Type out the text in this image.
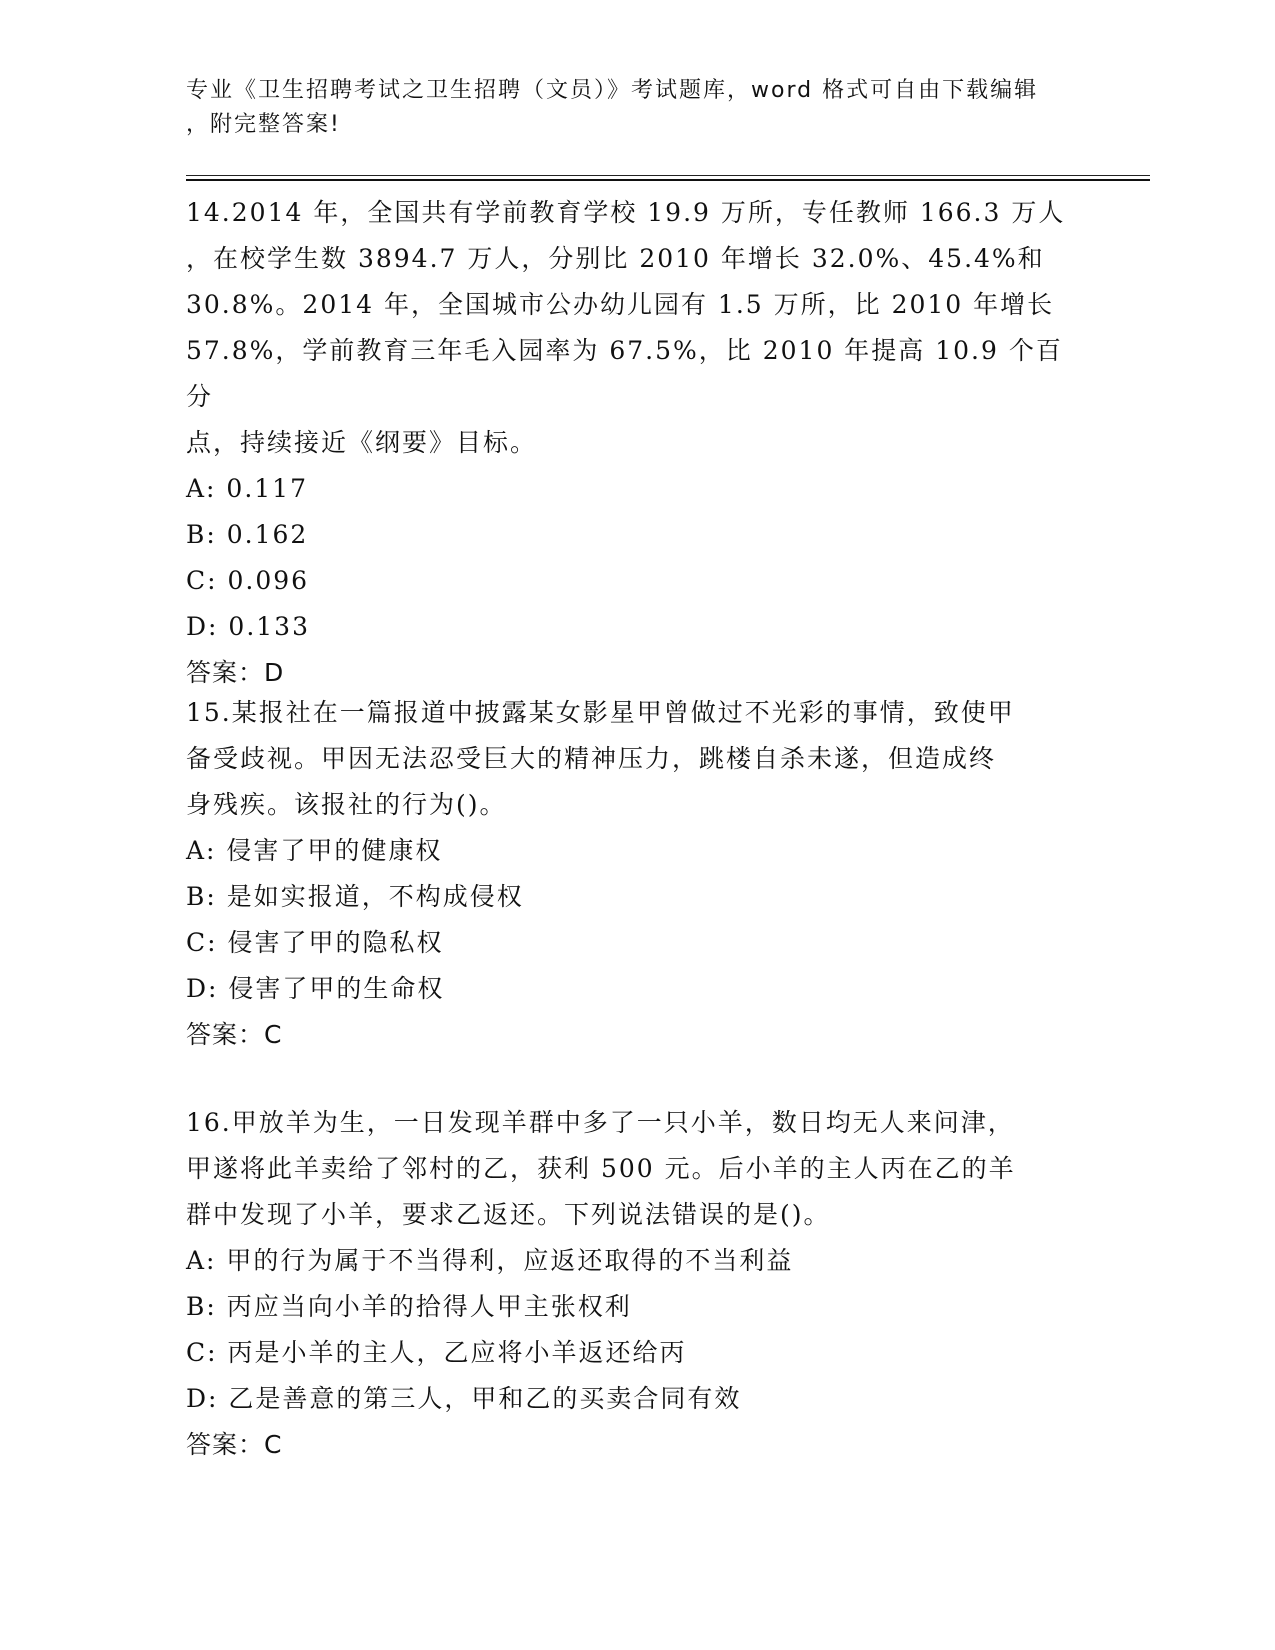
专业《卫生招聘考试之卫生招聘（文员）》考试题库，word 格式可自由下载编辑
，附完整答案!

14.2014 年，全国共有学前教育学校 19.9 万所，专任教师 166.3 万人

，在校学生数 3894.7 万人，分别比 2010 年增长 32.0%、45.4%和

30.8%。2014 年，全国城市公办幼儿园有 1.5 万所，比 2010 年增长

57.8%，学前教育三年毛入园率为 67.5%，比 2010 年提高 10.9 个百分

点，持续接近《纲要》目标。

A: 0.117

B: 0.162

C: 0.096

D: 0.133

答案：D

15.某报社在一篇报道中披露某女影星甲曾做过不光彩的事情，致使甲

备受歧视。甲因无法忍受巨大的精神压力，跳楼自杀未遂，但造成终

身残疾。该报社的行为()。

A: 侵害了甲的健康权

B: 是如实报道，不构成侵权

C: 侵害了甲的隐私权

D: 侵害了甲的生命权

答案：C

16.甲放羊为生，一日发现羊群中多了一只小羊，数日均无人来问津，

甲遂将此羊卖给了邻村的乙，获利 500 元。后小羊的主人丙在乙的羊

群中发现了小羊，要求乙返还。下列说法错误的是()。

A: 甲的行为属于不当得利，应返还取得的不当利益

B: 丙应当向小羊的拾得人甲主张权利

C: 丙是小羊的主人，乙应将小羊返还给丙

D: 乙是善意的第三人，甲和乙的买卖合同有效

答案：C
